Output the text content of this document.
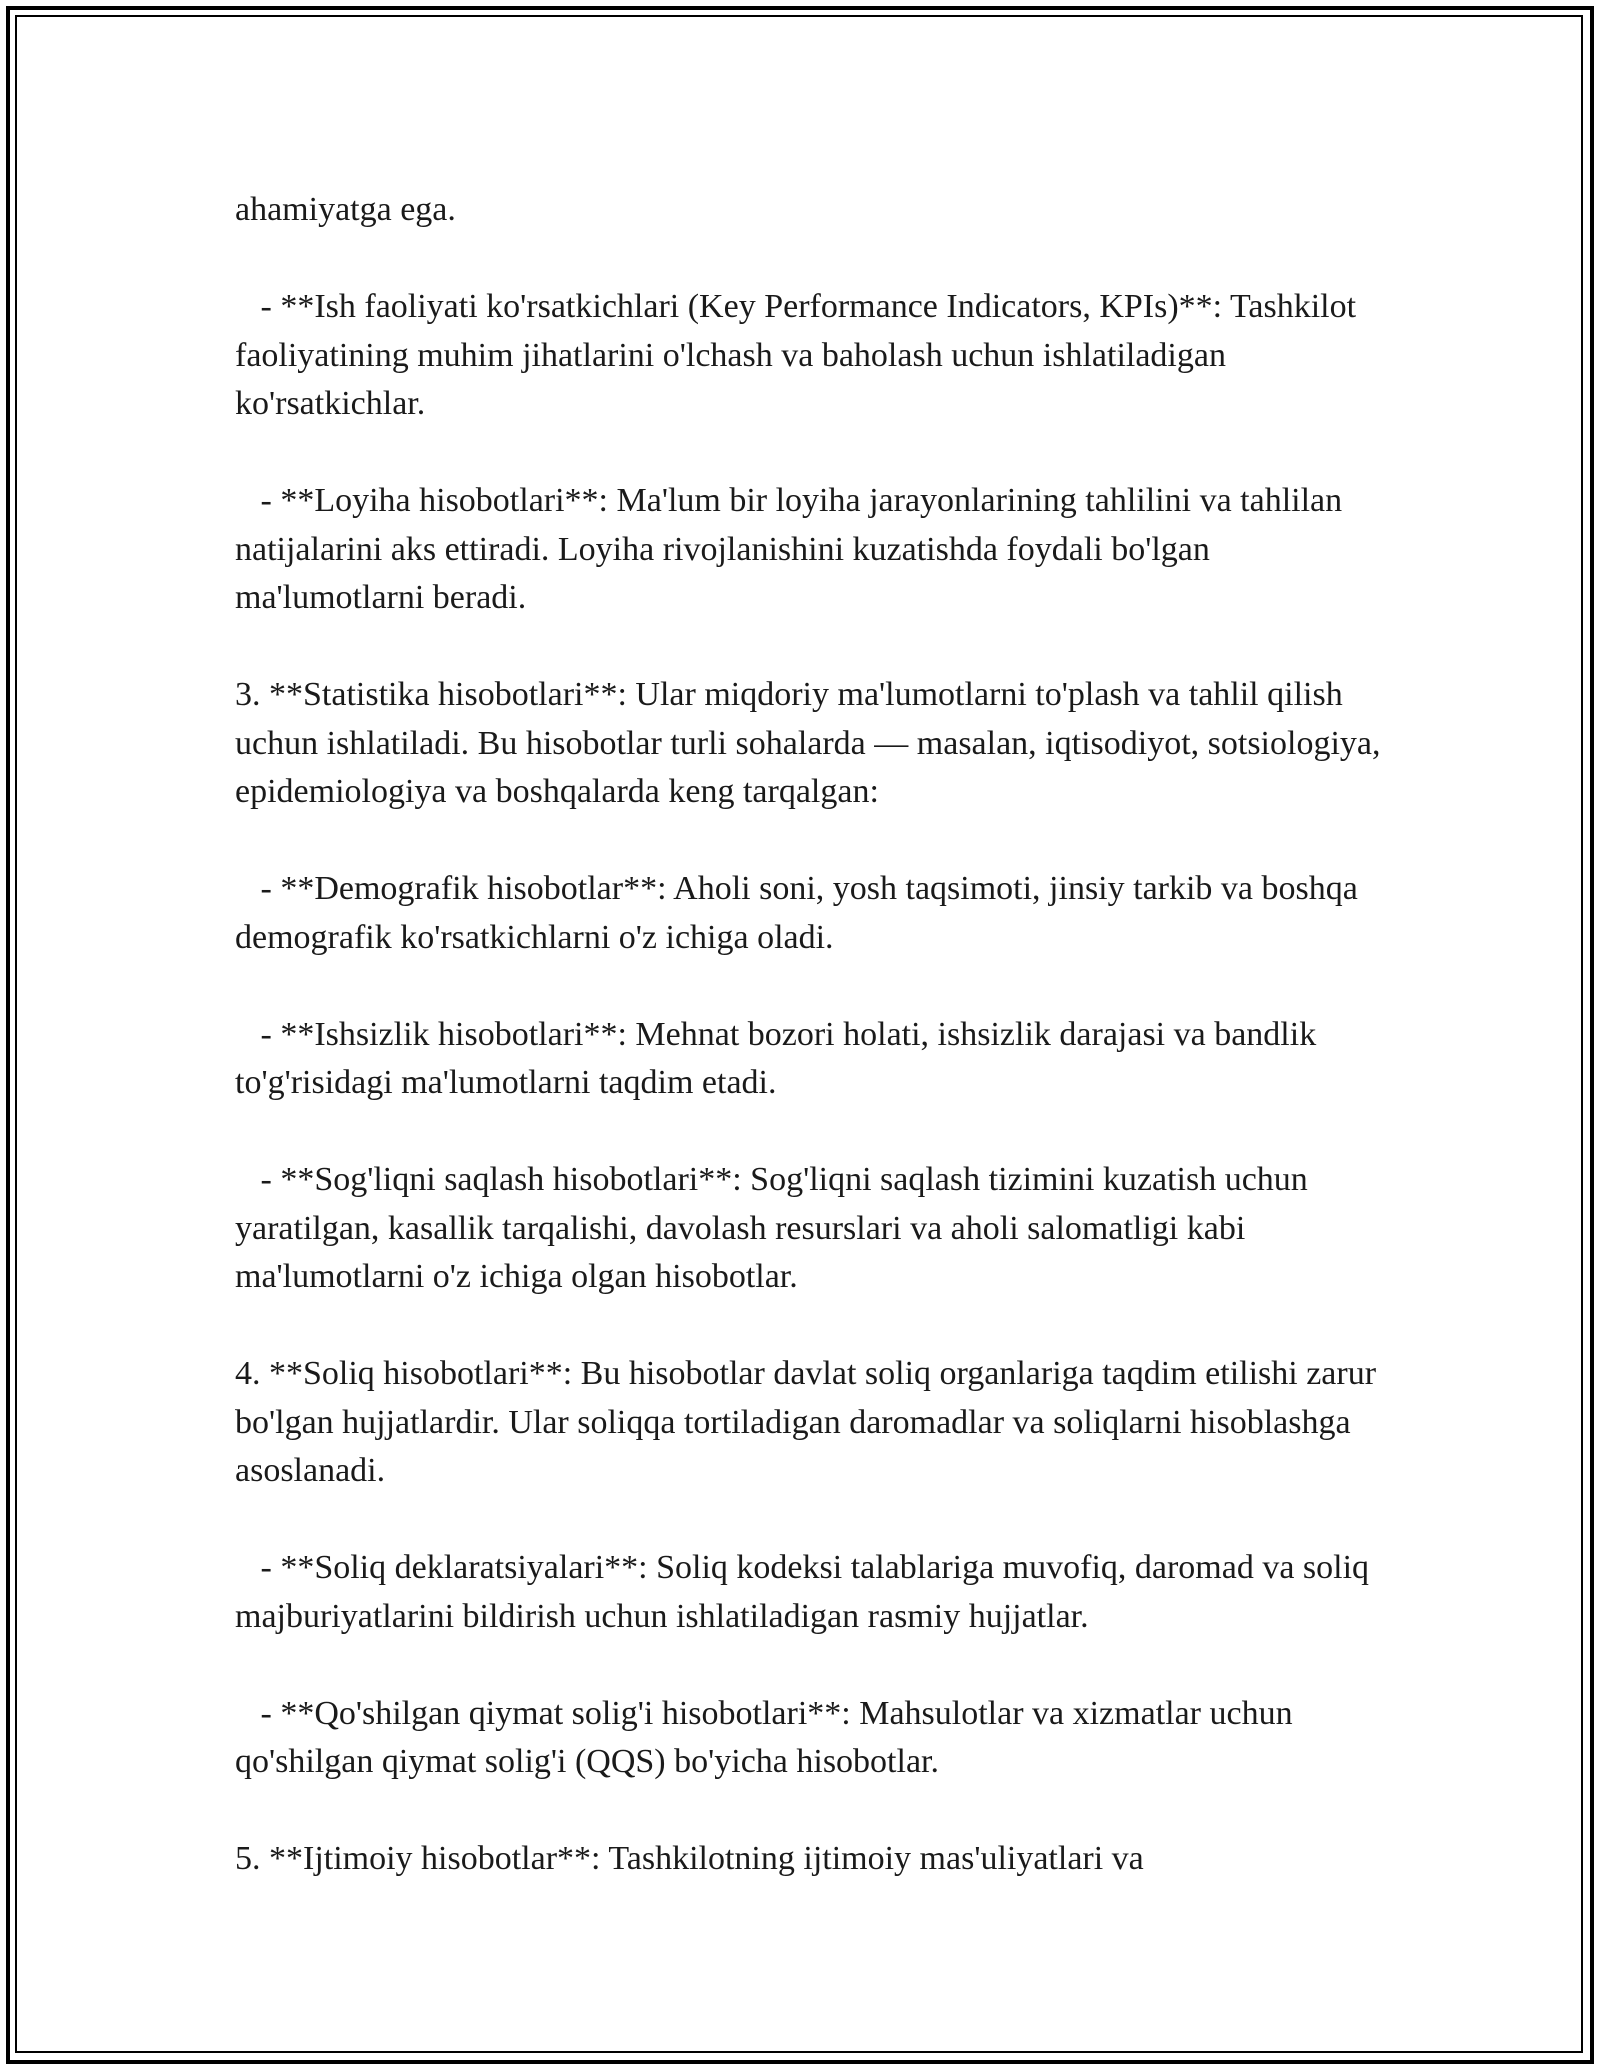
ahamiyatga ega.

- **Ish faoliyati ko'rsatkichlari (Key Performance Indicators, KPIs)**: Tashkilot faoliyatining muhim jihatlarini o'lchash va baholash uchun ishlatiladigan ko'rsatkichlar.

- **Loyiha hisobotlari**: Ma'lum bir loyiha jarayonlarining tahlilini va tahlilan natijalarini aks ettiradi. Loyiha rivojlanishini kuzatishda foydali bo'lgan ma'lumotlarni beradi.

3. **Statistika hisobotlari**: Ular miqdoriy ma'lumotlarni to'plash va tahlil qilish uchun ishlatiladi. Bu hisobotlar turli sohalarda — masalan, iqtisodiyot, sotsiologiya, epidemiologiya va boshqalarda keng tarqalgan:

- **Demografik hisobotlar**: Aholi soni, yosh taqsimoti, jinsiy tarkib va boshqa demografik ko'rsatkichlarni o'z ichiga oladi.

- **Ishsizlik hisobotlari**: Mehnat bozori holati, ishsizlik darajasi va bandlik to'g'risidagi ma'lumotlarni taqdim etadi.

- **Sog'liqni saqlash hisobotlari**: Sog'liqni saqlash tizimini kuzatish uchun yaratilgan, kasallik tarqalishi, davolash resurslari va aholi salomatligi kabi ma'lumotlarni o'z ichiga olgan hisobotlar.

4. **Soliq hisobotlari**: Bu hisobotlar davlat soliq organlariga taqdim etilishi zarur bo'lgan hujjatlardir. Ular soliqqa tortiladigan daromadlar va soliqlarni hisoblashga asoslanadi.

- **Soliq deklaratsiyalari**: Soliq kodeksi talablariga muvofiq, daromad va soliq majburiyatlarini bildirish uchun ishlatiladigan rasmiy hujjatlar.

- **Qo'shilgan qiymat solig'i hisobotlari**: Mahsulotlar va xizmatlar uchun qo'shilgan qiymat solig'i (QQS) bo'yicha hisobotlar.

5. **Ijtimoiy hisobotlar**: Tashkilotning ijtimoiy mas'uliyatlari va
